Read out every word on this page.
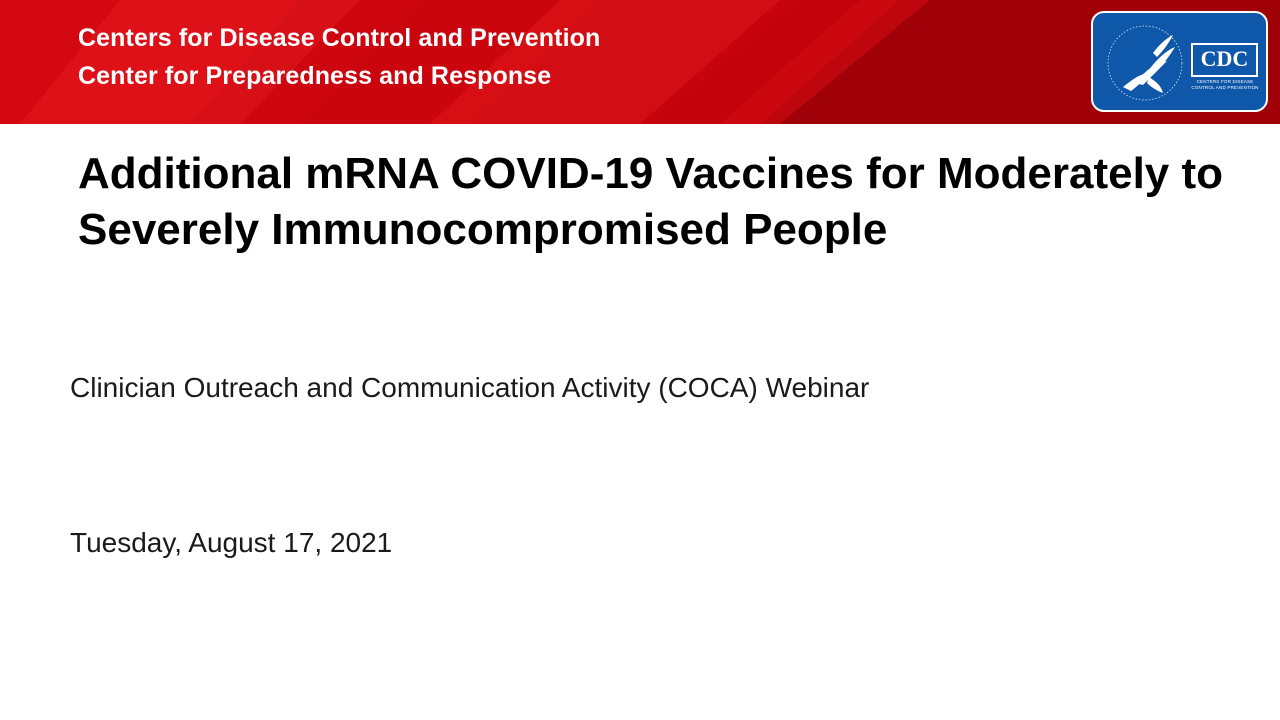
Centers for Disease Control and Prevention
Center for Preparedness and Response
CDC
CENTERS FOR DISEASE CONTROL AND PREVENTION
Additional mRNA COVID-19 Vaccines for Moderately to Severely Immunocompromised People
Clinician Outreach and Communication Activity (COCA) Webinar
Tuesday, August 17, 2021
